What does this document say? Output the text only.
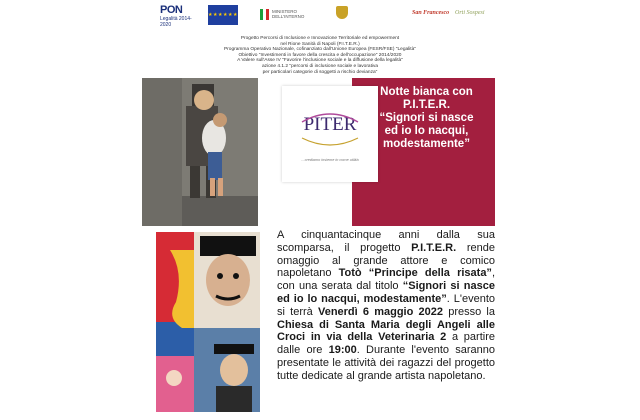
PON
Legalità 2014-2020
★★★★★★
MINISTERO DELL'INTERNO
San Francesco Orti Sospesi
Progetto Percorsi di Inclusione e Innovazione Territoriale ed empowerment
nel Rione Sanità di Napoli (P.I.T.E.R.)
Programma Operativo Nazionale, cofinanziato dall'Unione Europea (FESR/FSE) "Legalità"
Obiettivo "Investimenti in favore della crescita e dell'occupazione" 2014/2020
A Valere sull'Asse IV "Favorire l'inclusione sociale e la diffusione della legalità"
azione 4.1.2 "percorsi di inclusione sociale e lavorativa
per particolari categorie di soggetti a rischio devianza"
Notte bianca con
P.I.T.E.R.
“Signori si nasce
ed io lo nacqui,
modestamente”
PITER
...crediamo insieme in come utilità
A cinquantacinque anni dalla sua scomparsa, il progetto P.I.T.E.R. rende omaggio al grande attore e comico napoletano Totò “Principe della risata”, con una serata dal titolo “Signori si nasce ed io lo nacqui, modestamente”. L'evento si terrà Venerdì 6 maggio 2022 presso la Chiesa di Santa Maria degli Angeli alle Croci in via della Veterinaria 2 a partire dalle ore 19:00. Durante l'evento saranno presentate le attività dei ragazzi del progetto tutte dedicate al grande artista napoletano.
